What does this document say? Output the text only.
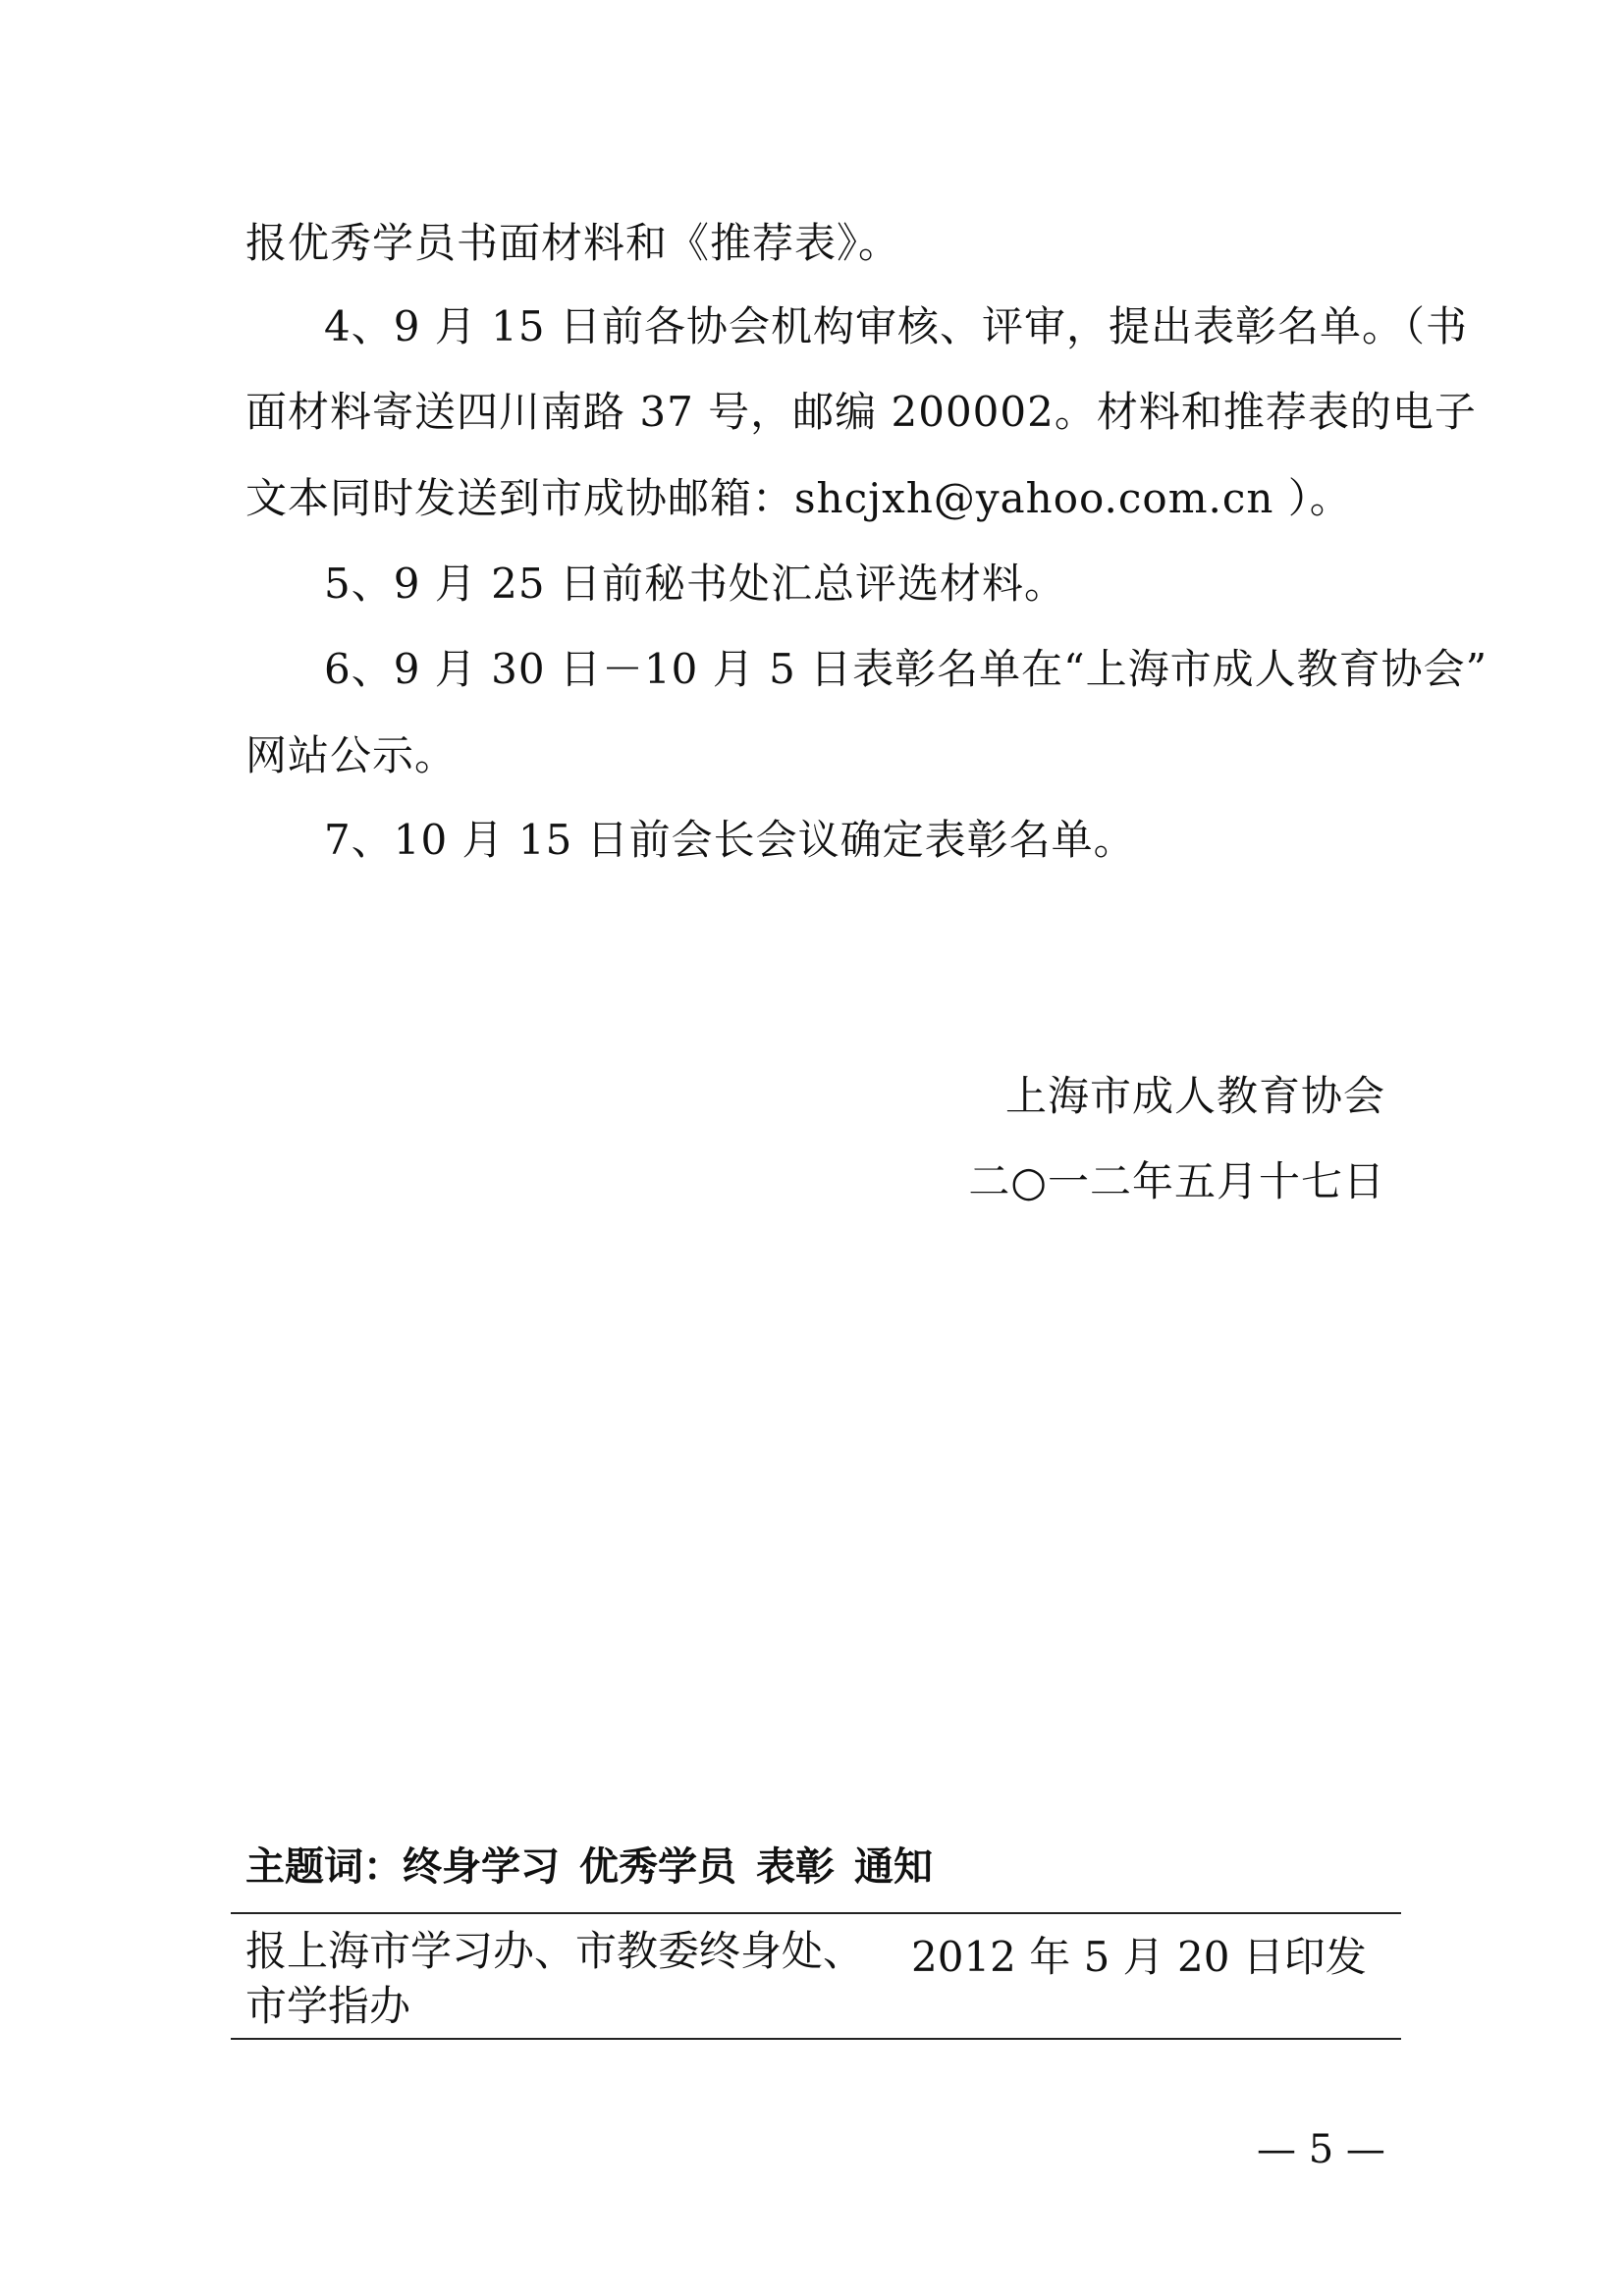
报优秀学员书面材料和《推荐表》。
4、9 月 15 日前各协会机构审核、评审，提出表彰名单。（书
面材料寄送四川南路 37 号，邮编 200002。材料和推荐表的电子
文本同时发送到市成协邮箱：shcjxh@yahoo.com.cn ）。
5、9 月 25 日前秘书处汇总评选材料。
6、9 月 30 日－10 月 5 日表彰名单在“上海市成人教育协会”
网站公示。
7、10 月 15 日前会长会议确定表彰名单。
上海市成人教育协会
二○一二年五月十七日
主题词：终身学习 优秀学员 表彰 通知
报上海市学习办、市教委终身处、
市学指办
2012 年 5 月 20 日印发
— 5 —
